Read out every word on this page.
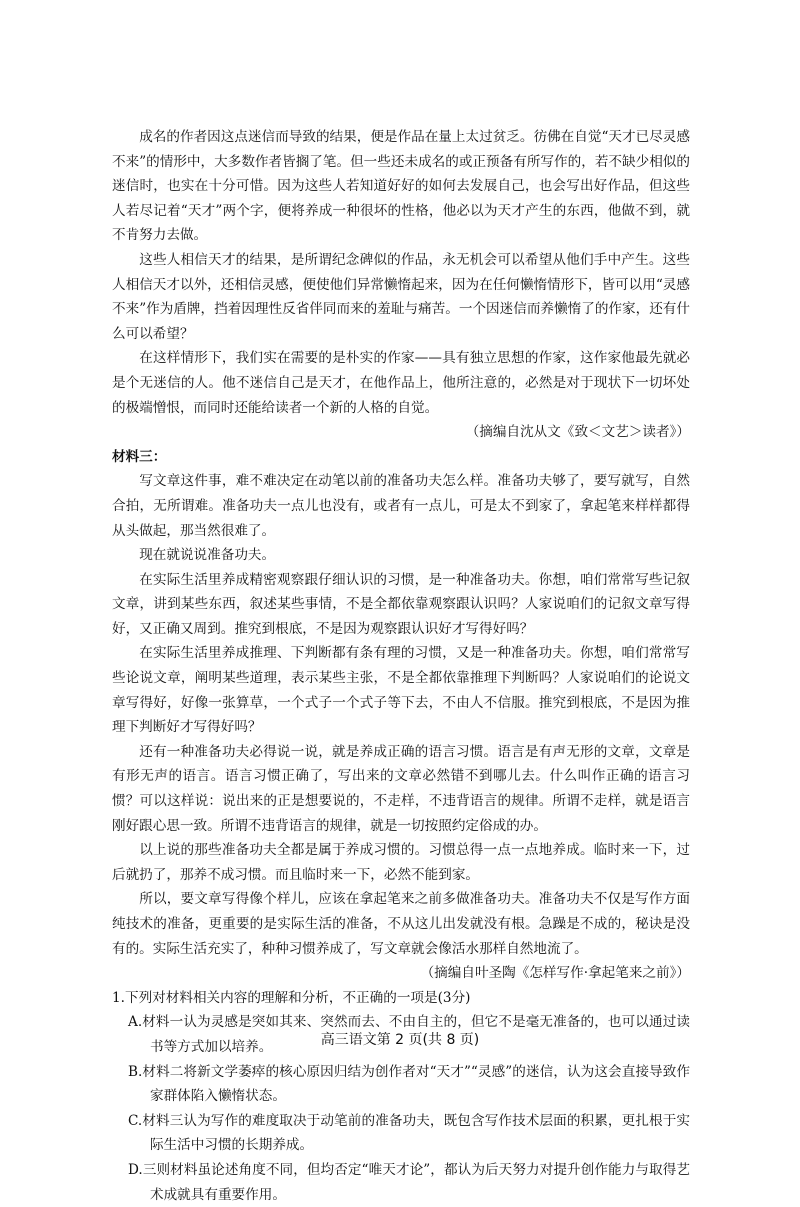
成名的作者因这点迷信而导致的结果，便是作品在量上太过贫乏。彷佛在自觉“天才已尽灵感不来”的情形中，大多数作者皆搁了笔。但一些还未成名的或正预备有所写作的，若不缺少相似的迷信时，也实在十分可惜。因为这些人若知道好好的如何去发展自己，也会写出好作品，但这些人若尽记着“天才”两个字，便将养成一种很坏的性格，他必以为天才产生的东西，他做不到，就不肯努力去做。

这些人相信天才的结果，是所谓纪念碑似的作品，永无机会可以希望从他们手中产生。这些人相信天才以外，还相信灵感，便使他们异常懒惰起来，因为在任何懒惰情形下，皆可以用“灵感不来”作为盾牌，挡着因理性反省伴同而来的羞耻与痛苦。一个因迷信而养懒惰了的作家，还有什么可以希望？

在这样情形下，我们实在需要的是朴实的作家——具有独立思想的作家，这作家他最先就必是个无迷信的人。他不迷信自己是天才，在他作品上，他所注意的，必然是对于现状下一切坏处的极端憎恨，而同时还能给读者一个新的人格的自觉。

（摘编自沈从文《致＜文艺＞读者》）

材料三：

写文章这件事，难不难决定在动笔以前的准备功夫怎么样。准备功夫够了，要写就写，自然合拍，无所谓难。准备功夫一点儿也没有，或者有一点儿，可是太不到家了，拿起笔来样样都得从头做起，那当然很难了。

现在就说说准备功夫。

在实际生活里养成精密观察跟仔细认识的习惯，是一种准备功夫。你想，咱们常常写些记叙文章，讲到某些东西，叙述某些事情，不是全都依靠观察跟认识吗？人家说咱们的记叙文章写得好，又正确又周到。推究到根底，不是因为观察跟认识好才写得好吗？

在实际生活里养成推理、下判断都有条有理的习惯，又是一种准备功夫。你想，咱们常常写些论说文章，阐明某些道理，表示某些主张，不是全都依靠推理下判断吗？人家说咱们的论说文章写得好，好像一张算草，一个式子一个式子等下去，不由人不信服。推究到根底，不是因为推理下判断好才写得好吗？

还有一种准备功夫必得说一说，就是养成正确的语言习惯。语言是有声无形的文章，文章是有形无声的语言。语言习惯正确了，写出来的文章必然错不到哪儿去。什么叫作正确的语言习惯？可以这样说：说出来的正是想要说的，不走样，不违背语言的规律。所谓不走样，就是语言刚好跟心思一致。所谓不违背语言的规律，就是一切按照约定俗成的办。

以上说的那些准备功夫全都是属于养成习惯的。习惯总得一点一点地养成。临时来一下，过后就扔了，那养不成习惯。而且临时来一下，必然不能到家。

所以，要文章写得像个样儿，应该在拿起笔来之前多做准备功夫。准备功夫不仅是写作方面纯技术的准备，更重要的是实际生活的准备，不从这儿出发就没有根。急躁是不成的，秘诀是没有的。实际生活充实了，种种习惯养成了，写文章就会像活水那样自然地流了。

（摘编自叶圣陶《怎样写作·拿起笔来之前》）

1.下列对材料相关内容的理解和分析，不正确的一项是(3分)

A.材料一认为灵感是突如其来、突然而去、不由自主的，但它不是毫无准备的，也可以通过读书等方式加以培养。

B.材料二将新文学萎瘁的核心原因归结为创作者对“天才”“灵感”的迷信，认为这会直接导致作家群体陷入懒惰状态。

C.材料三认为写作的难度取决于动笔前的准备功夫，既包含写作技术层面的积累，更扎根于实际生活中习惯的长期养成。

D.三则材料虽论述角度不同，但均否定“唯天才论”，都认为后天努力对提升创作能力与取得艺术成就具有重要作用。

高三语文第 2 页(共 8 页)
